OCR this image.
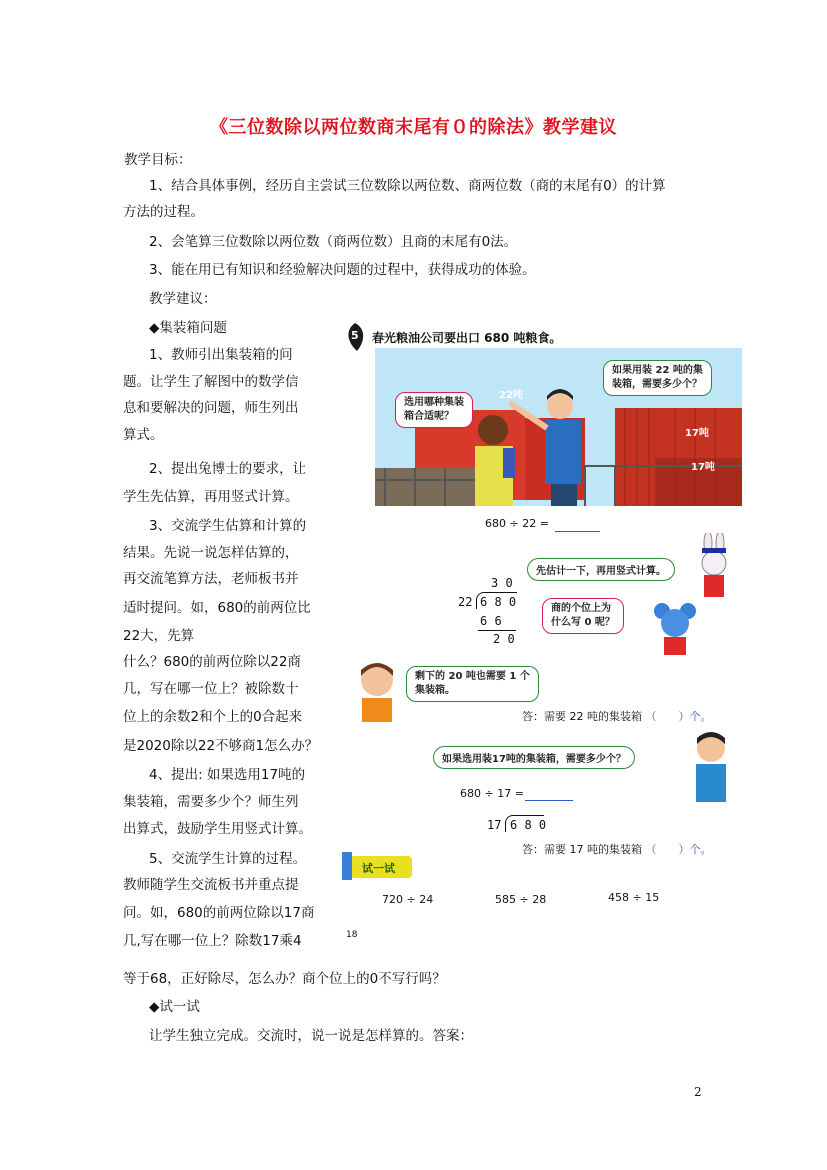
《三位数除以两位数商末尾有０的除法》教学建议
教学目标：
1、结合具体事例，经历自主尝试三位数除以两位数、商两位数（商的末尾有0）的计算
方法的过程。
2、会笔算三位数除以两位数（商两位数）且商的末尾有0法。
3、能在用已有知识和经验解决问题的过程中，获得成功的体验。
教学建议：
◆集装箱问题
1、教师引出集装箱的问
题。让学生了解图中的数学信
息和要解决的问题，师生列出
算式。
2、提出兔博士的要求，让
学生先估算，再用竖式计算。
3、交流学生估算和计算的
结果。先说一说怎样估算的，
再交流笔算方法，老师板书并
适时提问。如，680的前两位比
22大，先算
什么？680的前两位除以22商
几，写在哪一位上？被除数十
位上的余数2和个上的0合起来
是2020除以22不够商1怎么办？
4、提出: 如果选用17吨的
集装箱，需要多少个？师生列
出算式，鼓励学生用竖式计算。
5、交流学生计算的过程。
教师随学生交流板书并重点提
问。如，680的前两位除以17商
几,写在哪一位上？除数17乘4
等于68，正好除尽，怎么办？商个位上的0不写行吗？
◆试一试
让学生独立完成。交流时，说一说是怎样算的。答案：
2
5 春光粮油公司要出口 680 吨粮食。
22吨
17吨
17吨
选用哪种集装
箱合适呢？
如果用装 22 吨的集
装箱，需要多少个？
680 ÷ 22 =
先估计一下，再用竖式计算。
3 0
22 6 8 0
6 6
2 0
商的个位上为
什么写 0 呢？
剩下的 20 吨也需要 1 个
集装箱。
答：需要 22 吨的集装箱 （　　）个。
如果选用装17吨的集装箱，需要多少个？
680 ÷ 17 =
17 6 8 0
答：需要 17 吨的集装箱 （　　）个。
试一试
720 ÷ 24	585 ÷ 28	458 ÷ 15
18
